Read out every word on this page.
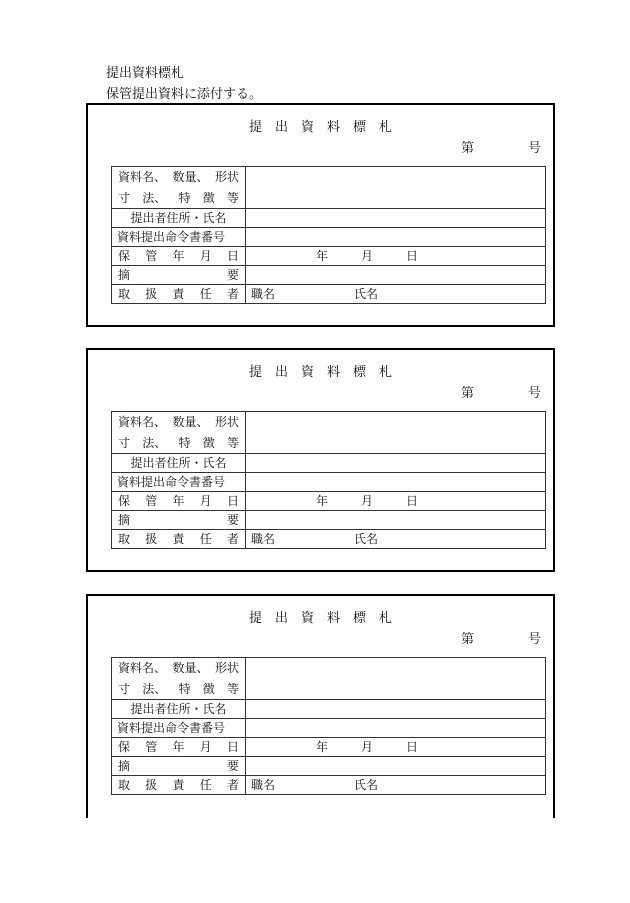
提出資料標札
保管提出資料に添付する。
提出資料標札
第	号
資料名、 数量、 形状	

寸 法、 特 徴 等	

提出者住所・氏名	

資料提出命令書番号	

保 管 年 月 日	年 月 日

摘 要	

取 扱 責 任 者	職名 氏名
提出資料標札
第	号
資料名、 数量、 形状	

寸 法、 特 徴 等	

提出者住所・氏名	

資料提出命令書番号	

保 管 年 月 日	年 月 日

摘 要	

取 扱 責 任 者	職名 氏名
提出資料標札
第	号
資料名、 数量、 形状	

寸 法、 特 徴 等	

提出者住所・氏名	

資料提出命令書番号	

保 管 年 月 日	年 月 日

摘 要	

取 扱 責 任 者	職名 氏名
